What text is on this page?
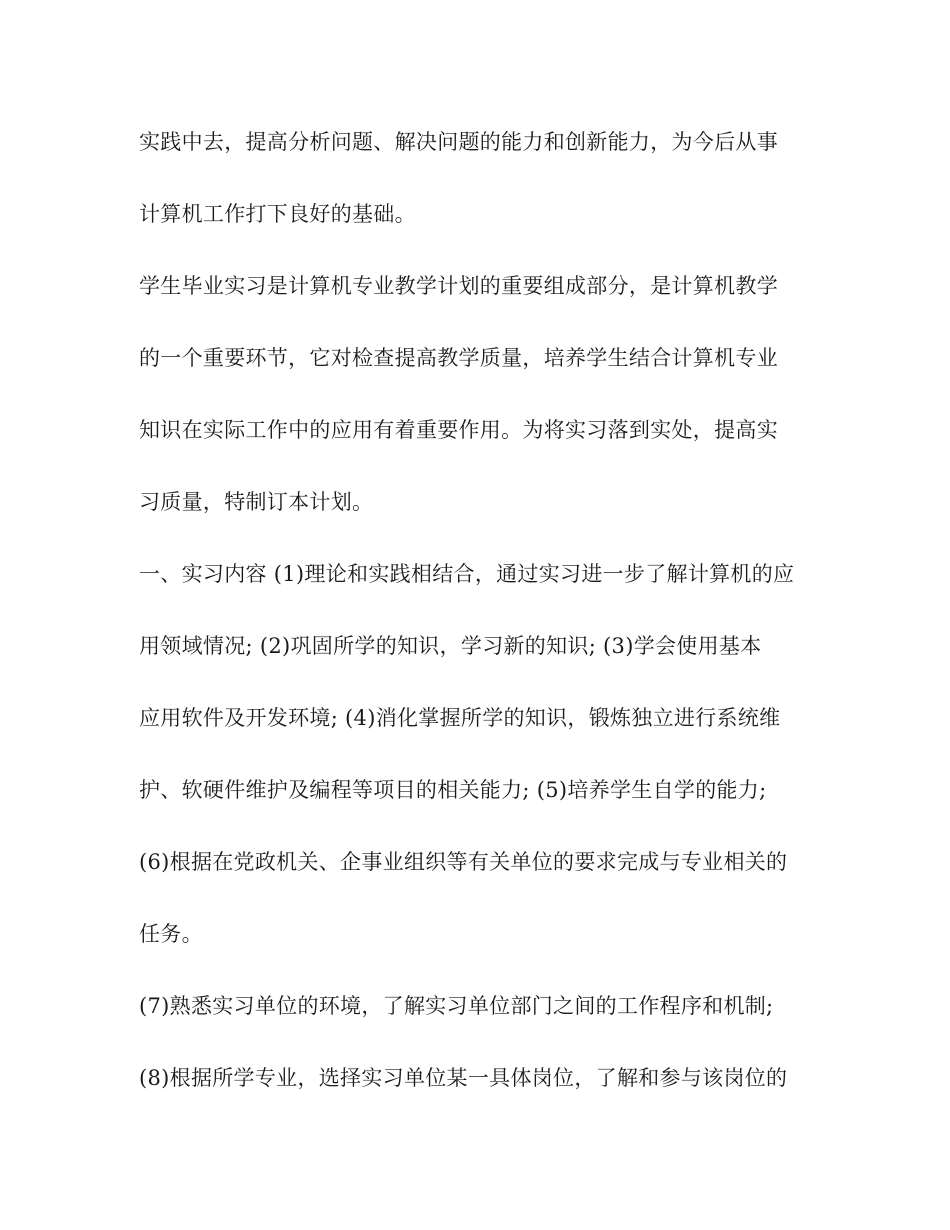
实践中去，提高分析问题、解决问题的能力和创新能力，为今后从事
计算机工作打下良好的基础。
学生毕业实习是计算机专业教学计划的重要组成部分，是计算机教学
的一个重要环节，它对检查提高教学质量，培养学生结合计算机专业
知识在实际工作中的应用有着重要作用。为将实习落到实处，提高实
习质量，特制订本计划。
一、实习内容 (1)理论和实践相结合，通过实习进一步了解计算机的应
用领域情况; (2)巩固所学的知识，学习新的知识; (3)学会使用基本
应用软件及开发环境; (4)消化掌握所学的知识，锻炼独立进行系统维
护、软硬件维护及编程等项目的相关能力; (5)培养学生自学的能力;
(6)根据在党政机关、企事业组织等有关单位的要求完成与专业相关的
任务。
(7)熟悉实习单位的环境，了解实习单位部门之间的工作程序和机制;
(8)根据所学专业，选择实习单位某一具体岗位，了解和参与该岗位的
